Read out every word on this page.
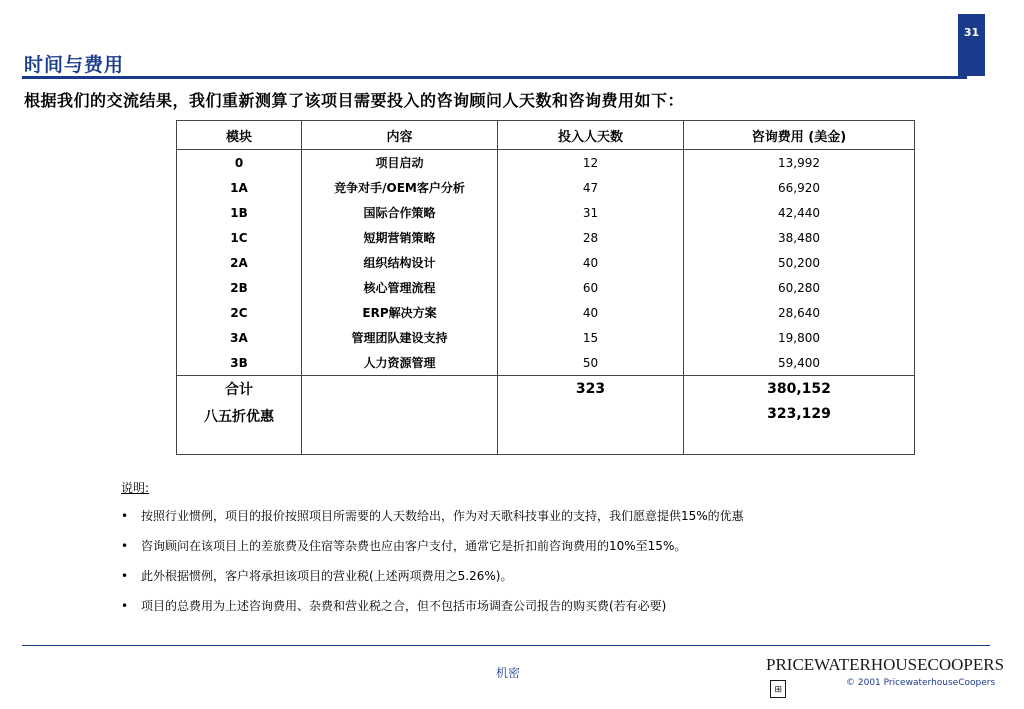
31
时间与费用
根据我们的交流结果，我们重新测算了该项目需要投入的咨询顾问人天数和咨询费用如下：
模块	内容	投入人天数	咨询费用 (美金)
0	项目启动	12	13,992
1A	竞争对手/OEM客户分析	47	66,920
1B	国际合作策略	31	42,440
1C	短期营销策略	28	38,480
2A	组织结构设计	40	50,200
2B	核心管理流程	60	60,280
2C	ERP解决方案	40	28,640
3A	管理团队建设支持	15	19,800
3B	人力资源管理	50	59,400
合计		323	380,152
八五折优惠			323,129
说明:
• 按照行业惯例，项目的报价按照项目所需要的人天数给出，作为对天歌科技事业的支持，我们愿意提供15%的优惠
• 咨询顾问在该项目上的差旅费及住宿等杂费也应由客户支付，通常它是折扣前咨询费用的10%至15%。
• 此外根据惯例，客户将承担该项目的营业税(上述两项费用之5.26%)。
• 项目的总费用为上述咨询费用、杂费和营业税之合，但不包括市场调查公司报告的购买费(若有必要)
机密	PRICEWATERHOUSECOOPERS⊞
© 2001 PricewaterhouseCoopers
